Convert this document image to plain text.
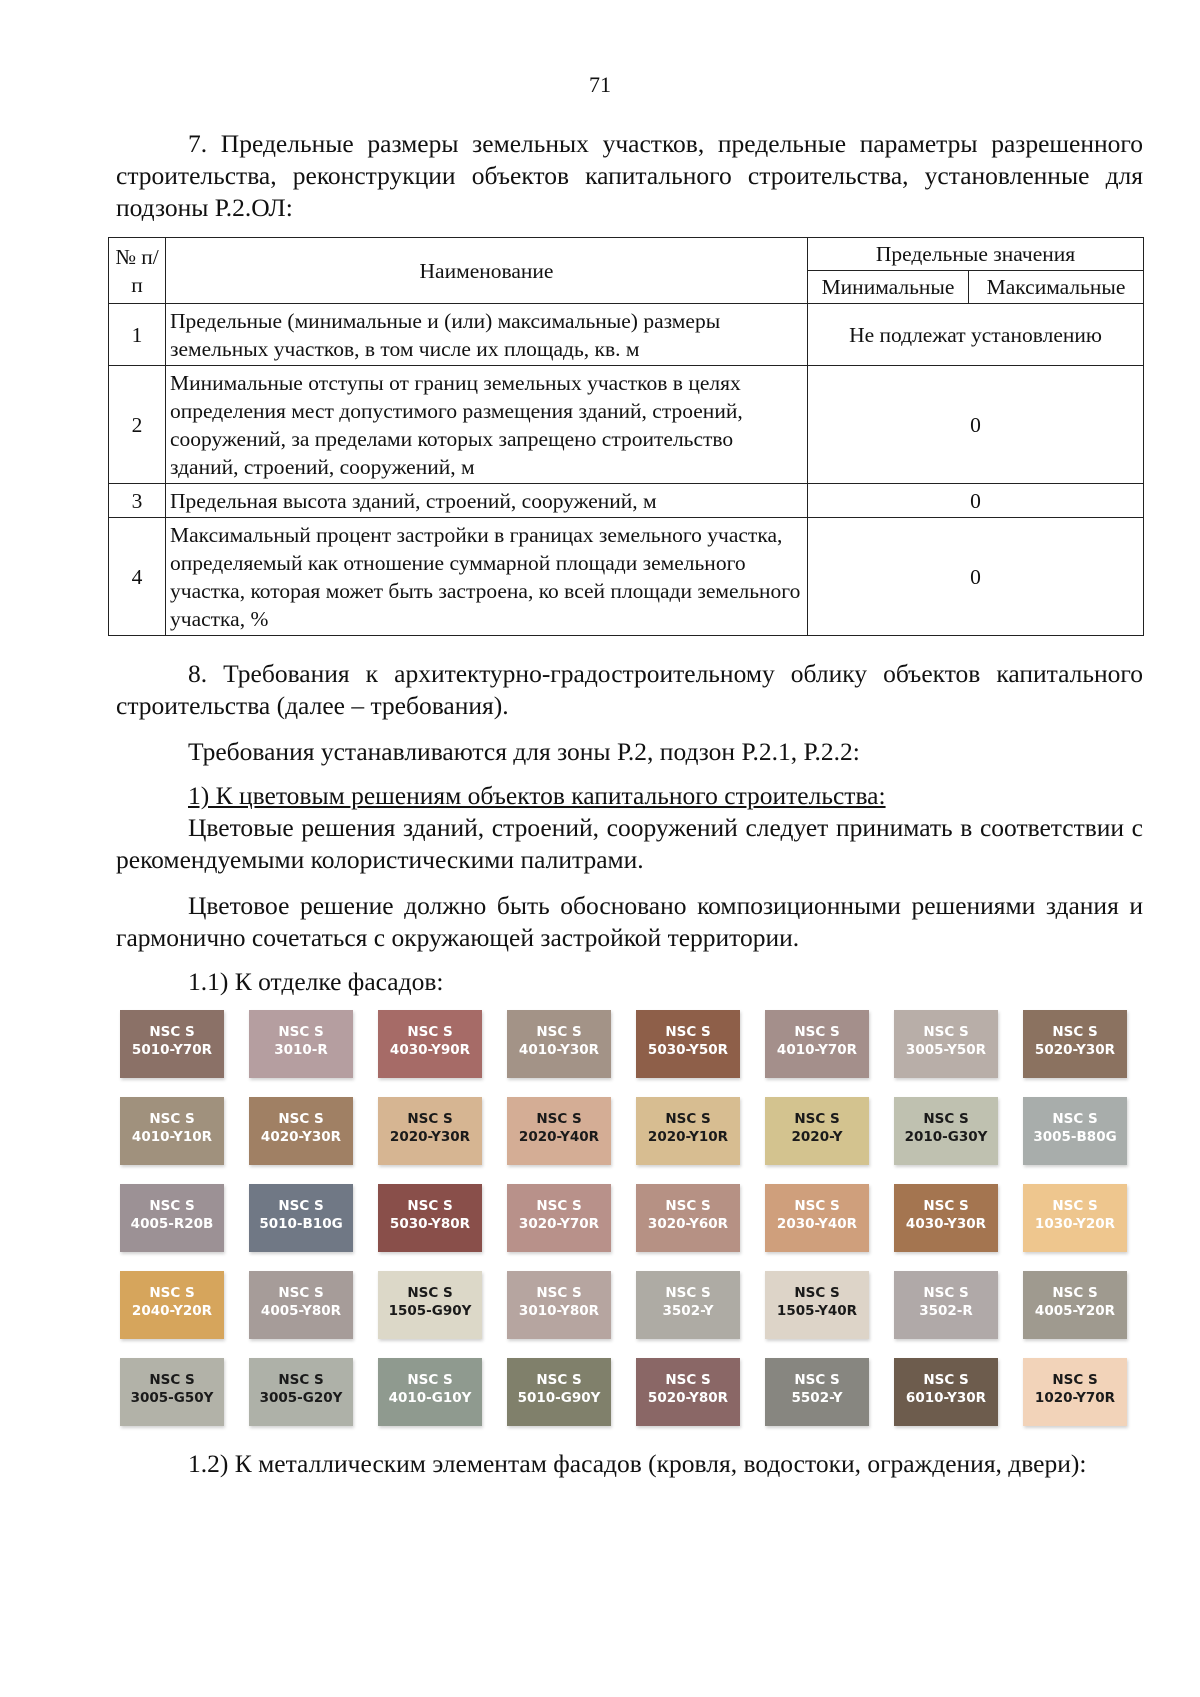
71

7. Предельные размеры земельных участков, предельные параметры разрешенного строительства, реконструкции объектов капитального строительства, установленные для подзоны Р.2.ОЛ:

№ п/п	Наименование	Предельные значения	
		Минимальные	Максимальные
1	Предельные (минимальные и (или) максимальные) размеры земельных участков, в том числе их площадь, кв. м	Не подлежат установлению	
2	Минимальные отступы от границ земельных участков в целях определения мест допустимого размещения зданий, строений, сооружений, за пределами которых запрещено строительство зданий, строений, сооружений, м	0	
3	Предельная высота зданий, строений, сооружений, м	0	
4	Максимальный процент застройки в границах земельного участка, определяемый как отношение суммарной площади земельного участка, которая может быть застроена, ко всей площади земельного участка, %	0	

8. Требования к архитектурно-градостроительному облику объектов капитального строительства (далее – требования).

Требования устанавливаются для зоны Р.2, подзон Р.2.1, Р.2.2:

1) К цветовым решениям объектов капитального строительства:

Цветовые решения зданий, строений, сооружений следует принимать в соответствии с рекомендуемыми колористическими палитрами.

Цветовое решение должно быть обосновано композиционными решениями здания и гармонично сочетаться с окружающей застройкой территории.

1.1) К отделке фасадов:

NSC S
5010-Y70R
NSC S
3010-R
NSC S
4030-Y90R
NSC S
4010-Y30R
NSC S
5030-Y50R
NSC S
4010-Y70R
NSC S
3005-Y50R
NSC S
5020-Y30R
NSC S
4010-Y10R
NSC S
4020-Y30R
NSC S
2020-Y30R
NSC S
2020-Y40R
NSC S
2020-Y10R
NSC S
2020-Y
NSC S
2010-G30Y
NSC S
3005-B80G
NSC S
4005-R20B
NSC S
5010-B10G
NSC S
5030-Y80R
NSC S
3020-Y70R
NSC S
3020-Y60R
NSC S
2030-Y40R
NSC S
4030-Y30R
NSC S
1030-Y20R
NSC S
2040-Y20R
NSC S
4005-Y80R
NSC S
1505-G90Y
NSC S
3010-Y80R
NSC S
3502-Y
NSC S
1505-Y40R
NSC S
3502-R
NSC S
4005-Y20R
NSC S
3005-G50Y
NSC S
3005-G20Y
NSC S
4010-G10Y
NSC S
5010-G90Y
NSC S
5020-Y80R
NSC S
5502-Y
NSC S
6010-Y30R
NSC S
1020-Y70R

1.2) К металлическим элементам фасадов (кровля, водостоки, ограждения, двери):
